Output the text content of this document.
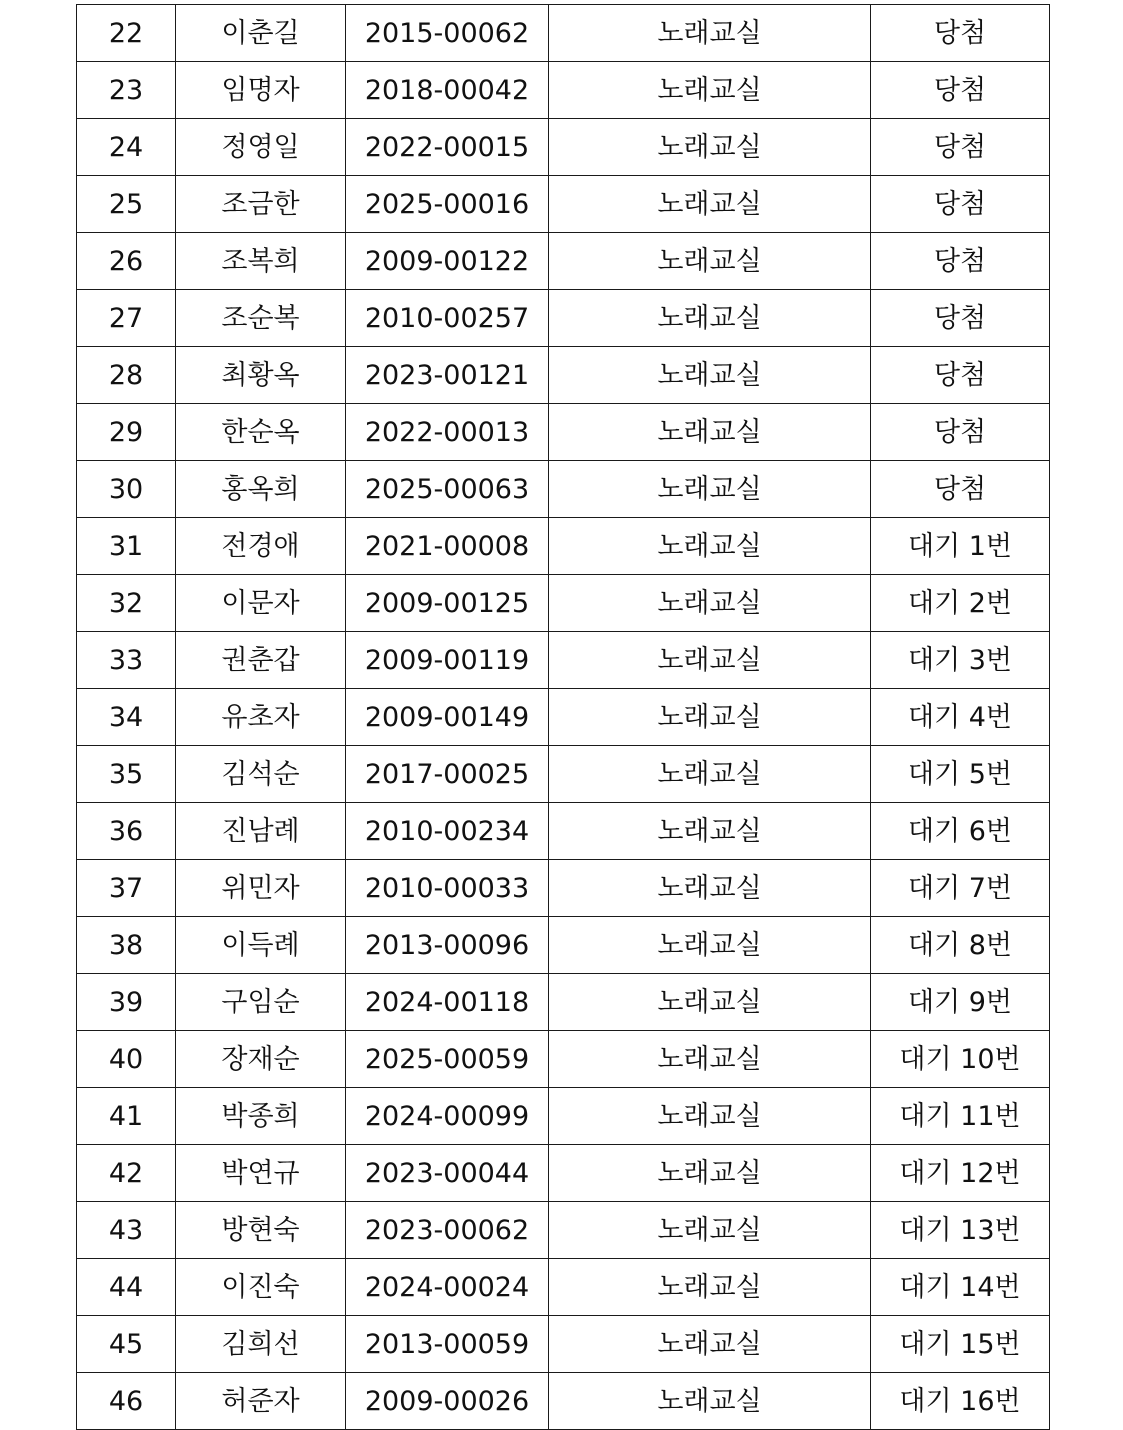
22	이춘길	2015-00062	노래교실	당첨
23	임명자	2018-00042	노래교실	당첨
24	정영일	2022-00015	노래교실	당첨
25	조금한	2025-00016	노래교실	당첨
26	조복희	2009-00122	노래교실	당첨
27	조순복	2010-00257	노래교실	당첨
28	최황옥	2023-00121	노래교실	당첨
29	한순옥	2022-00013	노래교실	당첨
30	홍옥희	2025-00063	노래교실	당첨
31	전경애	2021-00008	노래교실	대기 1번
32	이문자	2009-00125	노래교실	대기 2번
33	권춘갑	2009-00119	노래교실	대기 3번
34	유초자	2009-00149	노래교실	대기 4번
35	김석순	2017-00025	노래교실	대기 5번
36	진남례	2010-00234	노래교실	대기 6번
37	위민자	2010-00033	노래교실	대기 7번
38	이득례	2013-00096	노래교실	대기 8번
39	구임순	2024-00118	노래교실	대기 9번
40	장재순	2025-00059	노래교실	대기 10번
41	박종희	2024-00099	노래교실	대기 11번
42	박연규	2023-00044	노래교실	대기 12번
43	방현숙	2023-00062	노래교실	대기 13번
44	이진숙	2024-00024	노래교실	대기 14번
45	김희선	2013-00059	노래교실	대기 15번
46	허준자	2009-00026	노래교실	대기 16번
